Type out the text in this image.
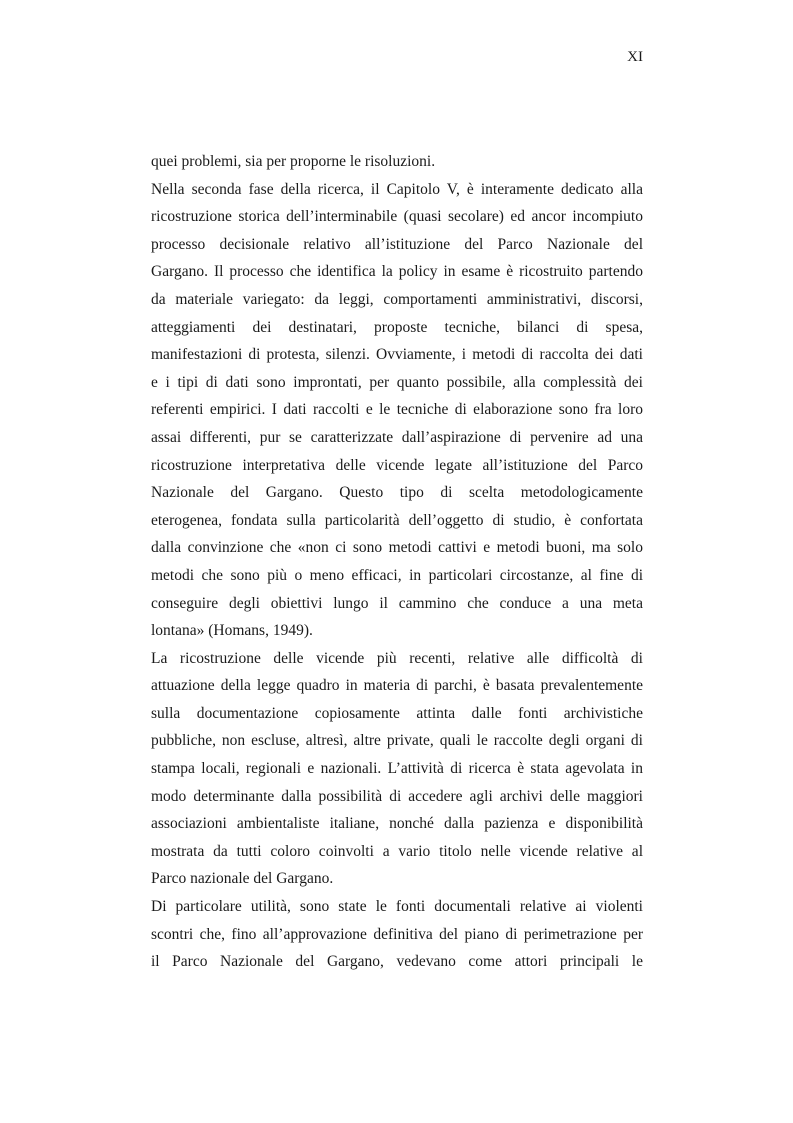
XI
quei problemi, sia per proporne le risoluzioni.
Nella seconda fase della ricerca, il Capitolo V, è interamente dedicato alla
ricostruzione storica dell’interminabile (quasi secolare) ed ancor incompiuto
processo decisionale relativo all’istituzione del Parco Nazionale del
Gargano. Il processo che identifica la policy in esame è ricostruito partendo
da materiale variegato: da leggi, comportamenti amministrativi, discorsi,
atteggiamenti dei destinatari, proposte tecniche, bilanci di spesa,
manifestazioni di protesta, silenzi. Ovviamente, i metodi di raccolta dei dati
e i tipi di dati sono improntati, per quanto possibile, alla complessità dei
referenti empirici. I dati raccolti e le tecniche di elaborazione sono fra loro
assai differenti, pur se caratterizzate dall’aspirazione di pervenire ad una
ricostruzione interpretativa delle vicende legate all’istituzione del Parco
Nazionale del Gargano. Questo tipo di scelta metodologicamente
eterogenea, fondata sulla particolarità dell’oggetto di studio, è confortata
dalla convinzione che «non ci sono metodi cattivi e metodi buoni, ma solo
metodi che sono più o meno efficaci, in particolari circostanze, al fine di
conseguire degli obiettivi lungo il cammino che conduce a una meta
lontana» (Homans, 1949).
La ricostruzione delle vicende più recenti, relative alle difficoltà di
attuazione della legge quadro in materia di parchi, è basata prevalentemente
sulla documentazione copiosamente attinta dalle fonti archivistiche
pubbliche, non escluse, altresì, altre private, quali le raccolte degli organi di
stampa locali, regionali e nazionali. L’attività di ricerca è stata agevolata in
modo determinante dalla possibilità di accedere agli archivi delle maggiori
associazioni ambientaliste italiane, nonché dalla pazienza e disponibilità
mostrata da tutti coloro coinvolti a vario titolo nelle vicende relative al
Parco nazionale del Gargano.
Di particolare utilità, sono state le fonti documentali relative ai violenti
scontri che, fino all’approvazione definitiva del piano di perimetrazione per
il Parco Nazionale del Gargano, vedevano come attori principali le
